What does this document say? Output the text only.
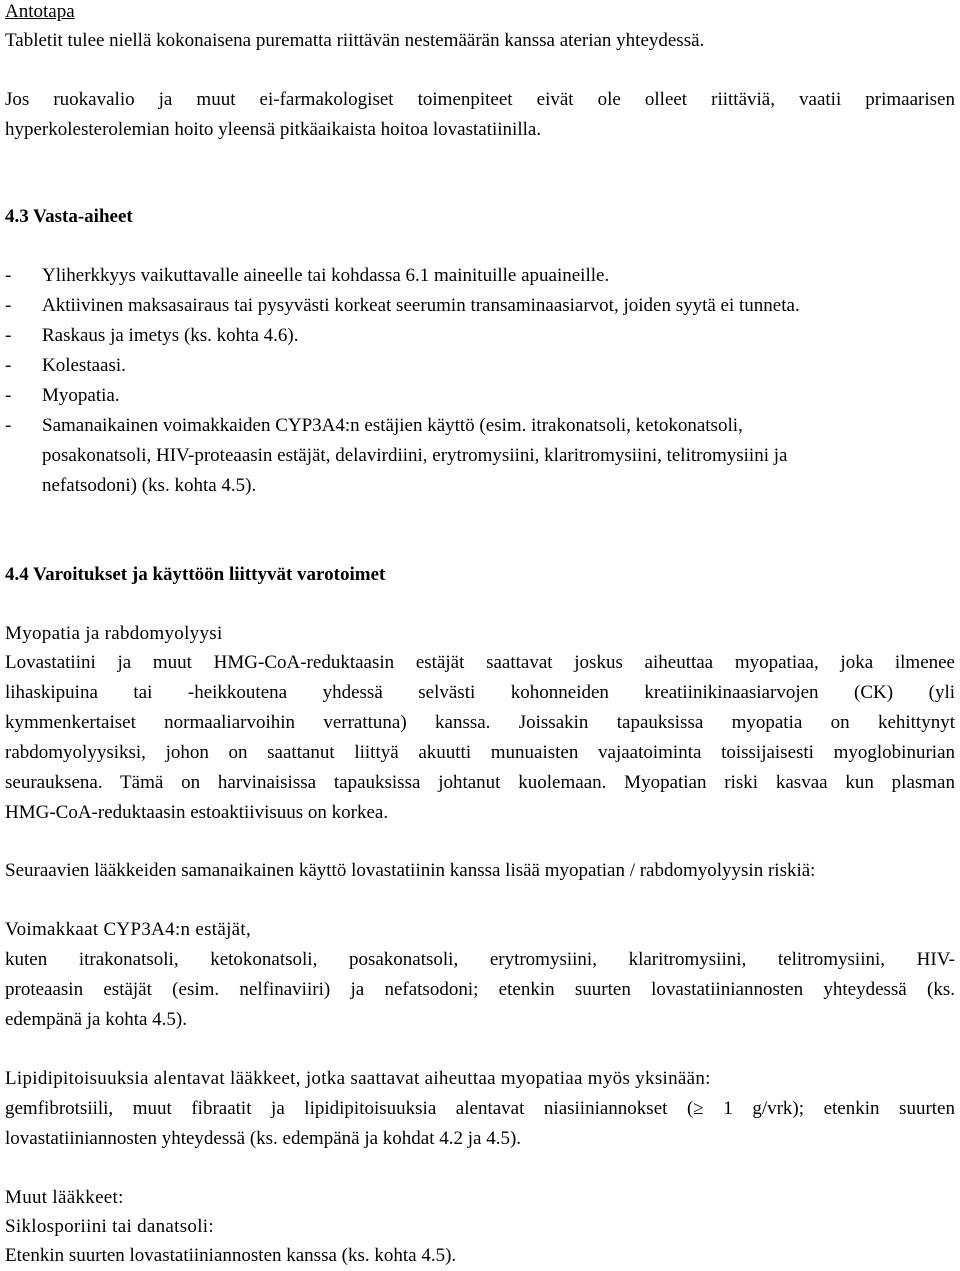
Antotapa
Tabletit tulee niellä kokonaisena purematta riittävän nestemäärän kanssa aterian yhteydessä.
Jos ruokavalio ja muut ei-farmakologiset toimenpiteet eivät ole olleet riittäviä, vaatii primaarisen
hyperkolesterolemian hoito yleensä pitkäaikaista hoitoa lovastatiinilla.
4.3 Vasta-aiheet
- Yliherkkyys vaikuttavalle aineelle tai kohdassa 6.1 mainituille apuaineille.
- Aktiivinen maksasairaus tai pysyvästi korkeat seerumin transaminaasiarvot, joiden syytä ei tunneta.
- Raskaus ja imetys (ks. kohta 4.6).
- Kolestaasi.
- Myopatia.
- Samanaikainen voimakkaiden CYP3A4:n estäjien käyttö (esim. itrakonatsoli, ketokonatsoli,
posakonatsoli, HIV-proteaasin estäjät, delavirdiini, erytromysiini, klaritromysiini, telitromysiini ja
nefatsodoni) (ks. kohta 4.5).
4.4 Varoitukset ja käyttöön liittyvät varotoimet
Myopatia ja rabdomyolyysi
Lovastatiini ja muut HMG-CoA-reduktaasin estäjät saattavat joskus aiheuttaa myopatiaa, joka ilmenee
lihaskipuina tai -heikkoutena yhdessä selvästi kohonneiden kreatiinikinaasiarvojen (CK) (yli
kymmenkertaiset normaaliarvoihin verrattuna) kanssa. Joissakin tapauksissa myopatia on kehittynyt
rabdomyolyysiksi, johon on saattanut liittyä akuutti munuaisten vajaatoiminta toissijaisesti myoglobinurian
seurauksena. Tämä on harvinaisissa tapauksissa johtanut kuolemaan. Myopatian riski kasvaa kun plasman
HMG-CoA-reduktaasin estoaktiivisuus on korkea.
Seuraavien lääkkeiden samanaikainen käyttö lovastatiinin kanssa lisää myopatian / rabdomyolyysin riskiä:
Voimakkaat CYP3A4:n estäjät,
kuten itrakonatsoli, ketokonatsoli, posakonatsoli, erytromysiini, klaritromysiini, telitromysiini, HIV-
proteaasin estäjät (esim. nelfinaviiri) ja nefatsodoni; etenkin suurten lovastatiiniannosten yhteydessä (ks.
edempänä ja kohta 4.5).
Lipidipitoisuuksia alentavat lääkkeet, jotka saattavat aiheuttaa myopatiaa myös yksinään:
gemfibrotsiili, muut fibraatit ja lipidipitoisuuksia alentavat niasiiniannokset (≥ 1 g/vrk); etenkin suurten
lovastatiiniannosten yhteydessä (ks. edempänä ja kohdat 4.2 ja 4.5).
Muut lääkkeet:
Siklosporiini tai danatsoli:
Etenkin suurten lovastatiiniannosten kanssa (ks. kohta 4.5).
